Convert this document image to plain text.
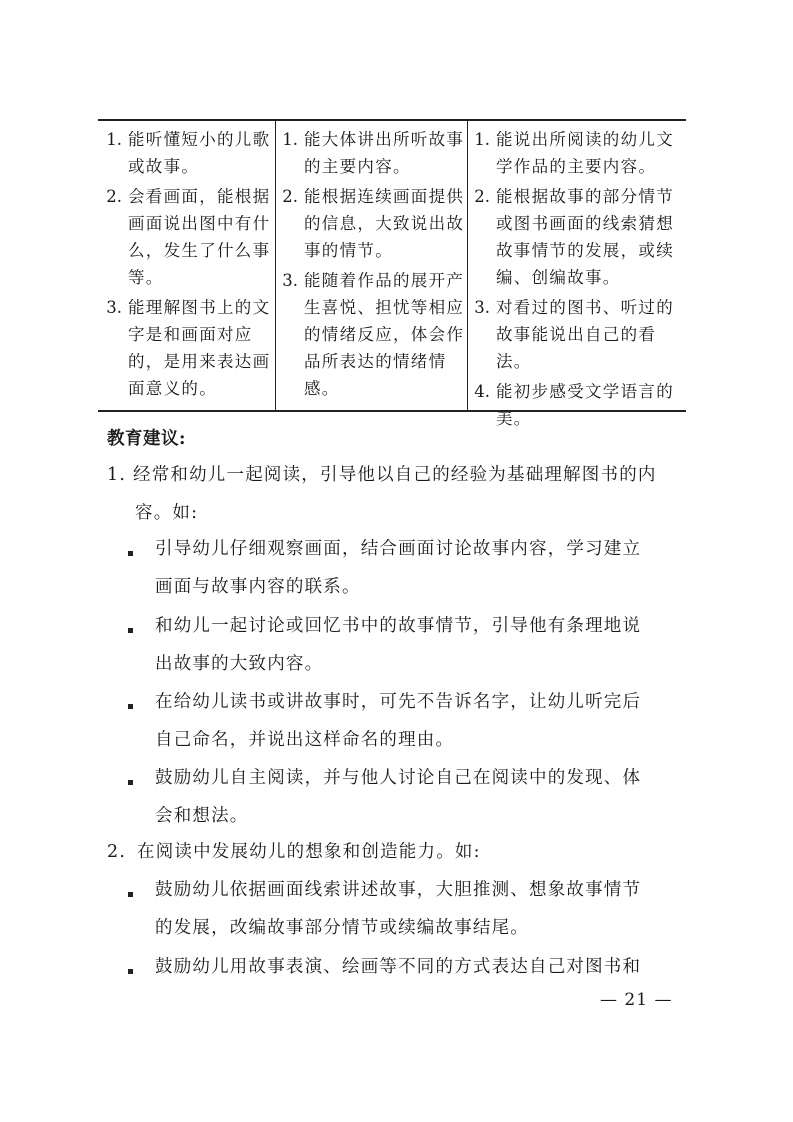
1. 能听懂短小的儿歌或故事。
2. 会看画面，能根据画面说出图中有什么，发生了什么事等。
3. 能理解图书上的文字是和画面对应的，是用来表达画面意义的。
1. 能大体讲出所听故事的主要内容。
2. 能根据连续画面提供的信息，大致说出故事的情节。
3. 能随着作品的展开产生喜悦、担忧等相应的情绪反应，体会作品所表达的情绪情感。
1. 能说出所阅读的幼儿文学作品的主要内容。
2. 能根据故事的部分情节或图书画面的线索猜想故事情节的发展，或续编、创编故事。
3. 对看过的图书、听过的故事能说出自己的看法。
4. 能初步感受文学语言的美。
教育建议:
1. 经常和幼儿一起阅读，引导他以自己的经验为基础理解图书的内
容。如:
引导幼儿仔细观察画面，结合画面讨论故事内容，学习建立
画面与故事内容的联系。
和幼儿一起讨论或回忆书中的故事情节，引导他有条理地说
出故事的大致内容。
在给幼儿读书或讲故事时，可先不告诉名字，让幼儿听完后
自己命名，并说出这样命名的理由。
鼓励幼儿自主阅读，并与他人讨论自己在阅读中的发现、体
会和想法。
2. 在阅读中发展幼儿的想象和创造能力。如:
鼓励幼儿依据画面线索讲述故事，大胆推测、想象故事情节
的发展，改编故事部分情节或续编故事结尾。
鼓励幼儿用故事表演、绘画等不同的方式表达自己对图书和
— 21 —
